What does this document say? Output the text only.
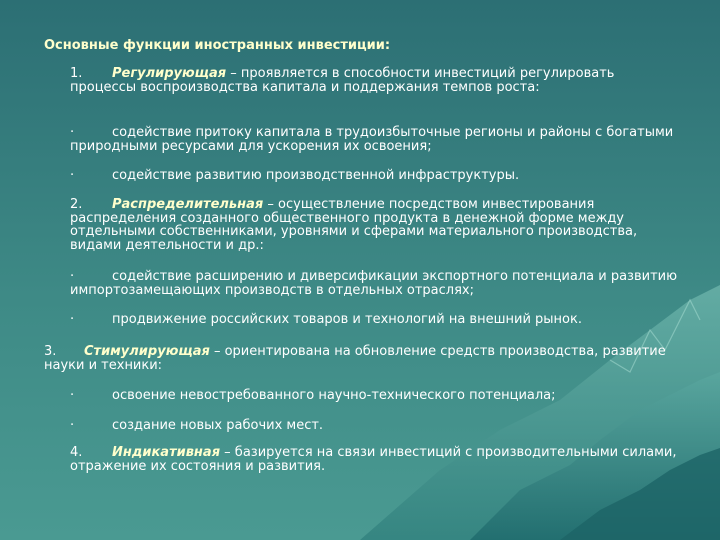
Основные функции иностранных инвестиции:
1. Регулирующая – проявляется в способности инвестиций регулировать процессы воспроизводства капитала и поддержания темпов роста:
·	содействие притоку капитала в трудоизбыточные регионы и районы с богатыми природными ресурсами для ускорения их освоения;
·	содействие развитию производственной инфраструктуры.
2. Распределительная – осуществление посредством инвестирования распределения созданного общественного продукта в денежной форме между отдельными собственниками, уровнями и сферами материального производства, видами деятельности и др.:
·	содействие расширению и диверсификации экспортного потенциала и развитию импортозамещающих производств в отдельных отраслях;
·	продвижение российских товаров и технологий на внешний рынок.
3. Стимулирующая – ориентирована на обновление средств производства, развитие науки и техники:
·	освоение невостребованного научно-технического потенциала;
·	создание новых рабочих мест.
4. Индикативная – базируется на связи инвестиций с производительными силами, отражение их состояния и развития.
